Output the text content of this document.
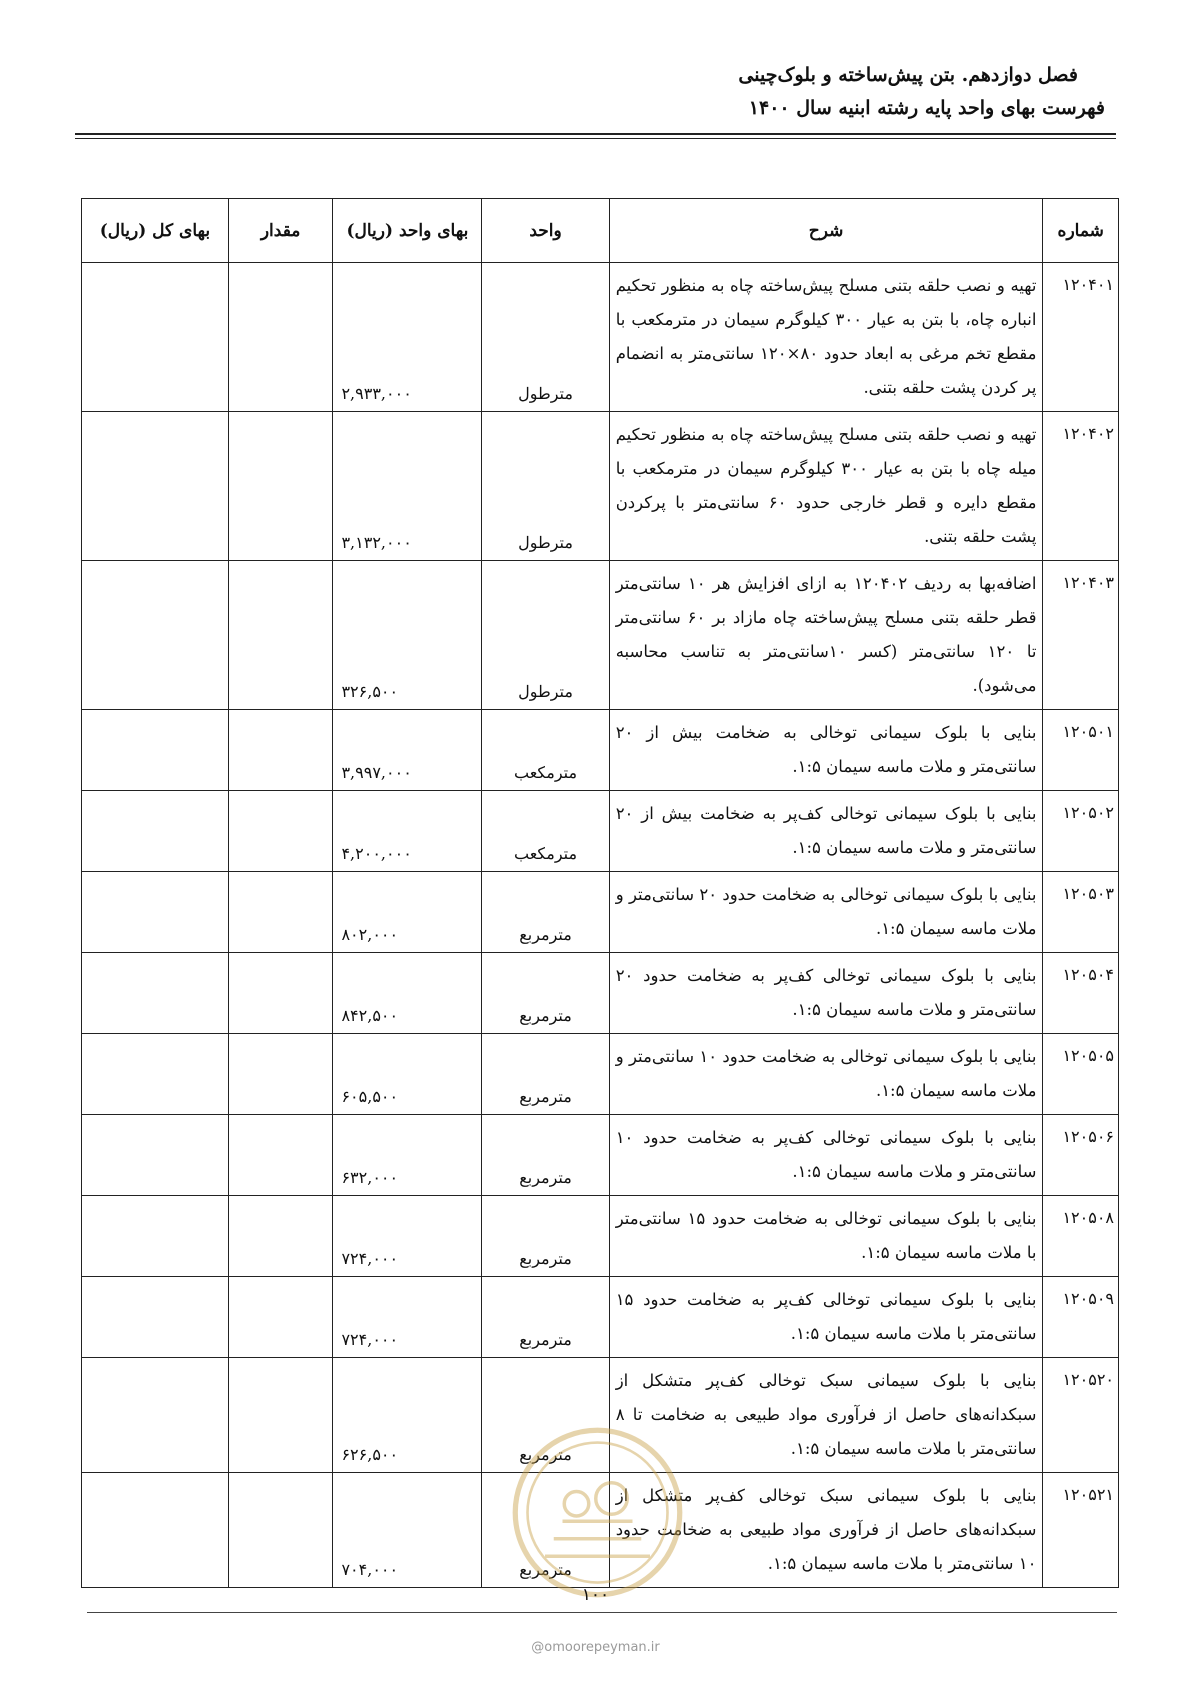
فصل دوازدهم. بتن پیش‌ساخته و بلوک‌چینی
فهرست بهای واحد پایه رشته ابنیه سال ۱۴۰۰
شماره	شرح	واحد	بهای واحد (ریال)	مقدار	بهای کل (ریال)
۱۲۰۴۰۱	تهیه و نصب حلقه بتنی مسلح پیش‌ساخته چاه به منظور تحکیم انباره چاه، با بتن به عیار ۳۰۰ کیلوگرم سیمان در مترمکعب با مقطع تخم مرغی به ابعاد حدود ۸۰×۱۲۰ سانتی‌متر به انضمام پر کردن پشت حلقه بتنی.	مترطول	۲,۹۳۳,۰۰۰		
۱۲۰۴۰۲	تهیه و نصب حلقه بتنی مسلح پیش‌ساخته چاه به منظور تحکیم میله چاه با بتن به عیار ۳۰۰ کیلوگرم سیمان در مترمکعب با مقطع دایره و قطر خارجی حدود ۶۰ سانتی‌متر با پرکردن پشت حلقه بتنی.	مترطول	۳,۱۳۲,۰۰۰		
۱۲۰۴۰۳	اضافه‌بها به ردیف ۱۲۰۴۰۲ به ازای افزایش هر ۱۰ سانتی‌متر قطر حلقه بتنی مسلح پیش‌ساخته چاه مازاد بر ۶۰ سانتی‌متر تا ۱۲۰ سانتی‌متر (کسر ۱۰سانتی‌متر به تناسب محاسبه می‌شود).	مترطول	۳۲۶,۵۰۰		
۱۲۰۵۰۱	بنایی با بلوک سیمانی توخالی به ضخامت بیش از ۲۰ سانتی‌متر و ملات ماسه سیمان ۱:۵.	مترمکعب	۳,۹۹۷,۰۰۰		
۱۲۰۵۰۲	بنایی با بلوک سیمانی توخالی کف‌پر به ضخامت بیش از ۲۰ سانتی‌متر و ملات ماسه سیمان ۱:۵.	مترمکعب	۴,۲۰۰,۰۰۰		
۱۲۰۵۰۳	بنایی با بلوک سیمانی توخالی به ضخامت حدود ۲۰ سانتی‌متر و ملات ماسه سیمان ۱:۵.	مترمربع	۸۰۲,۰۰۰		
۱۲۰۵۰۴	بنایی با بلوک سیمانی توخالی کف‌پر به ضخامت حدود ۲۰ سانتی‌متر و ملات ماسه سیمان ۱:۵.	مترمربع	۸۴۲,۵۰۰		
۱۲۰۵۰۵	بنایی با بلوک سیمانی توخالی به ضخامت حدود ۱۰ سانتی‌متر و ملات ماسه سیمان ۱:۵.	مترمربع	۶۰۵,۵۰۰		
۱۲۰۵۰۶	بنایی با بلوک سیمانی توخالی کف‌پر به ضخامت حدود ۱۰ سانتی‌متر و ملات ماسه سیمان ۱:۵.	مترمربع	۶۳۲,۰۰۰		
۱۲۰۵۰۸	بنایی با بلوک سیمانی توخالی به ضخامت حدود ۱۵ سانتی‌متر با ملات ماسه سیمان ۱:۵.	مترمربع	۷۲۴,۰۰۰		
۱۲۰۵۰۹	بنایی با بلوک سیمانی توخالی کف‌پر به ضخامت حدود ۱۵ سانتی‌متر با ملات ماسه سیمان ۱:۵.	مترمربع	۷۲۴,۰۰۰		
۱۲۰۵۲۰	بنایی با بلوک سیمانی سبک توخالی کف‌پر متشکل از سبکدانه‌های حاصل از فرآوری مواد طبیعی به ضخامت تا ۸ سانتی‌متر با ملات ماسه سیمان ۱:۵.	مترمربع	۶۲۶,۵۰۰		
۱۲۰۵۲۱	بنایی با بلوک سیمانی سبک توخالی کف‌پر متشکل از سبکدانه‌های حاصل از فرآوری مواد طبیعی به ضخامت حدود ۱۰ سانتی‌متر با ملات ماسه سیمان ۱:۵.	مترمربع	۷۰۴,۰۰۰		
۱۰۰
@omoorepeyman.ir
